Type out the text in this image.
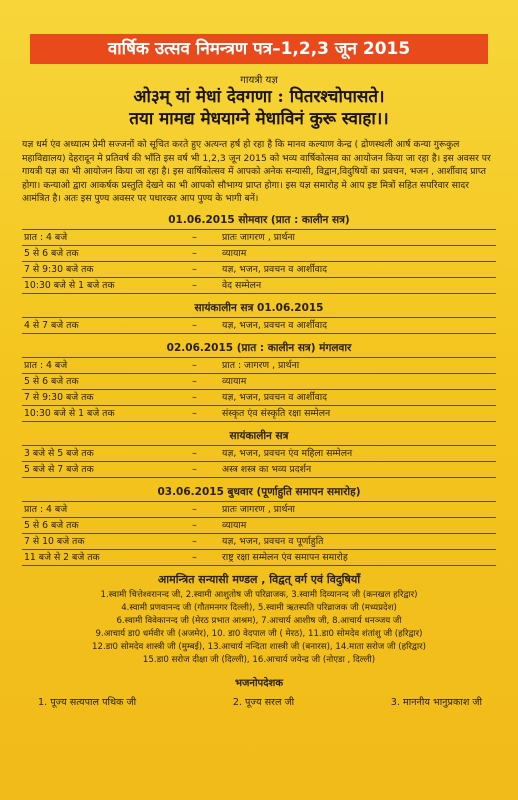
वार्षिक उत्सव निमन्त्रण पत्र–1,2,3 जून 2015
गायत्री यज्ञ
ओ३म् यां मेधां देवगणा : पितरश्चोपासते।
तया मामद्य मेधयाग्ने मेधाविनं कुरू स्वाहा।।
यज्ञ धर्म एंव अध्यात्म प्रेमी सज्जनों को सूचित करते हुए अत्यन्त हर्ष हो रहा है कि मानव कल्याण केन्द्र ( द्रोणस्थली आर्ष कन्या गुरूकुल महाविद्यालय) देहरादून मे प्रतिवर्ष की भाँति इस वर्ष भी 1,2,3 जून 2015 को भव्य वार्षिकोत्सव का आयोजन किया जा रहा है। इस अवसर पर गायत्री यज्ञ का भी आयोजन किया जा रहा है। इस वार्षिकोत्सव में आपको अनेक सन्यासी, विद्वान,विदुषियों का प्रवचन, भजन , आर्शीवाद प्राप्त होगा। कन्याओ द्वारा आकर्षक प्रस्तुति देखने का भी आपको सौभाग्य प्राप्त होगा। इस यज्ञ समारोह मे आप इष्ट मित्रों सहित सपरिवार सादर आमंत्रित है। अतः इस पुण्य अवसर पर पधारकर आप पुण्य के भागी बनें।
01.06.2015 सोमवार (प्रात : कालीन सत्र)
प्रात : 4 बजे	–	प्रातः जागरण , प्रार्थना
5 से 6 बजे तक	–	व्यायाम
7 से 9:30 बजे तक	–	यज्ञ, भजन, प्रवचन व आर्शीवाद
10:30 बजे से 1 बजे तक	–	वेद सम्मेलन
सायंकालीन सत्र 01.06.2015
4 से 7 बजे तक	–	यज्ञ, भजन, प्रवचन व आर्शीवाद
02.06.2015 (प्रात : कालीन सत्र) मंगलवार
प्रात : 4 बजे	–	प्रात : जागरण , प्रार्थना
5 से 6 बजे तक	–	व्यायाम
7 से 9:30 बजे तक	–	यज्ञ, भजन, प्रवचन व आर्शीवाद
10:30 बजे से 1 बजे तक	–	संस्कृत एंव संस्कृति रक्षा सम्मेलन
सायंकालीन सत्र
3 बजे से 5 बजे तक	–	यज्ञ, भजन, प्रवचन एंव महिला सम्मेलन
5 बजे से 7 बजे तक	–	अस्त्र शस्त्र का भव्य प्रदर्शन
03.06.2015 बुधवार (पूर्णाहुति समापन समारोह)
प्रात : 4 बजे	–	प्रातः जागरण , प्रार्थना
5 से 6 बजे तक	–	व्यायाम
7 से 10 बजे तक	–	यज्ञ, भजन, प्रवचन व पूर्णाहुति
11 बजे से 2 बजे तक	–	राष्ट्र रक्षा सम्मेलन एंव समापन समारोह
आमन्त्रित सन्यासी मण्डल , विद्वत् वर्ग एवं विदुषियाँ
1.स्वामी चित्तेश्वरानन्द जी, 2.स्वामी आशुतोष जी परिव्राजक, 3.स्वामी दिव्यानन्द जी (कनखल हरिद्वार)
4.स्वामी प्रणवानन्द जी (गौतमनगर दिल्ली), 5.स्वामी ऋतस्पति परिव्राजक जी (मध्यप्रदेश)
6.स्वामी विवेकानन्द जी (मेरठ प्रभात आश्रम), 7.आचार्य आशीष जी, 8.आचार्य धनञ्जय जी
9.आचार्य डा0 धर्मवीर जी (अजमेर), 10. डा0 वेदपाल जी ( मेरठ), 11.डा0 सोमदेव शंतांशु जी (हरिद्वार)
12.डा0 सोमदेव शास्त्री जी (मुम्बई), 13.आचार्य नन्दिता शास्त्री जी (बनारस), 14.माता सरोज जी (हरिद्वार)
15.डा0 सरोज दीक्षा जी (दिल्ली), 16.आचार्य जयेन्द्र जी (नोएडा , दिल्ली)
भजनोपदेशक
1. पूज्य सत्यपाल पथिक जी	2. पूज्य सरल जी	3. माननीय भानुप्रकाश जी
